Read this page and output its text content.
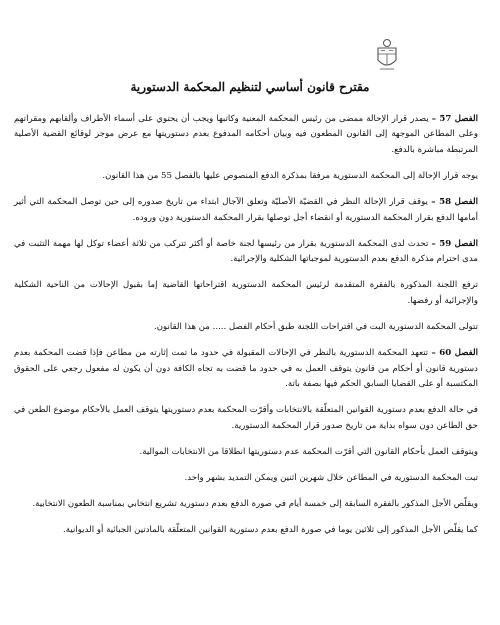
مقترح قانون أساسي لتنظيم المحكمة الدستورية

الفصل 57 – يصدر قرار الإحالة ممضى من رئيس المحكمة المعنية وكاتبها ويجب أن يحتوي على أسماء الأطراف وألقابهم ومقراتهم وعلى المطاعن الموجهة إلى القانون المطعون فيه وبيان أحكامه المدفوع بعدم دستوريتها مع عرض موجز لوقائع القضية الأصلية المرتبطة مباشرة بالدفع.

يوجه قرار الإحالة إلى المحكمة الدستورية مرفقا بمذكرة الدفع المنصوص عليها بالفصل 55 من هذا القانون.

الفصل 58 – يوقف قرار الإحالة النظر في القضيّة الأصليّة وتعلق الآجال ابتداء من تاريخ صدوره إلى حين توصل المحكمة التي أثير أمامها الدفع بقرار المحكمة الدستورية أو انقضاء أجل توصلها بقرار المحكمة الدستورية دون وروده.

الفصل 59 – تحدث لدى المحكمة الدستورية بقرار من رئيسها لجنة خاصة أو أكثر تتركب من ثلاثة أعضاء توكل لها مهمة التثبت في مدى احترام مذكرة الدفع بعدم الدستورية لموجباتها الشكلية والإجرائية.

ترفع اللجنة المذكورة بالفقرة المتقدمة لرئيس المحكمة الدستورية اقتراحاتها القاضية إما بقبول الإحالات من الناحية الشكلية والإجرائية أو رفضها.

تتولى المحكمة الدستورية البت في اقتراحات اللجنة طبق أحكام الفصل ..... من هذا القانون.

الفصل 60 – تتعهد المحكمة الدستورية بالنظر في الإحالات المقبولة في حدود ما تمت إثارته من مطاعن فإذا قضت المحكمة بعدم دستورية قانون أو أحكام من قانون يتوقف العمل به في حدود ما قضت به تجاه الكافة دون أن يكون له مفعول رجعي على الحقوق المكتسبة أو على القضايا السابق الحكم فيها بصفة باتة.

في حالة الدفع بعدم دستورية القوانين المتعلّقة بالانتخابات وأقرّت المحكمة بعدم دستوريتها يتوقف العمل بالأحكام موضوع الطعن في حق الطاعن دون سواه بداية من تاريخ صدور قرار المحكمة الدستورية.

ويتوقف العمل بأحكام القانون التي أقرّت المحكمة عدم دستوريتها انطلاقا من الانتخابات الموالية.

تبت المحكمة الدستورية في المطاعن خلال شهرين اثنين ويمكن التمديد بشهر واحد.

ويقلّص الأجل المذكور بالفقرة السابقة إلى خمسة أيام في صورة الدفع بعدم دستورية تشريع انتخابي بمناسبة الطعون الانتخابية.

كما يقلّص الأجل المذكور إلى ثلاثين يوما في صورة الدفع بعدم دستورية القوانين المتعلّقة بالمادتين الجبائية أو الديوانية.
